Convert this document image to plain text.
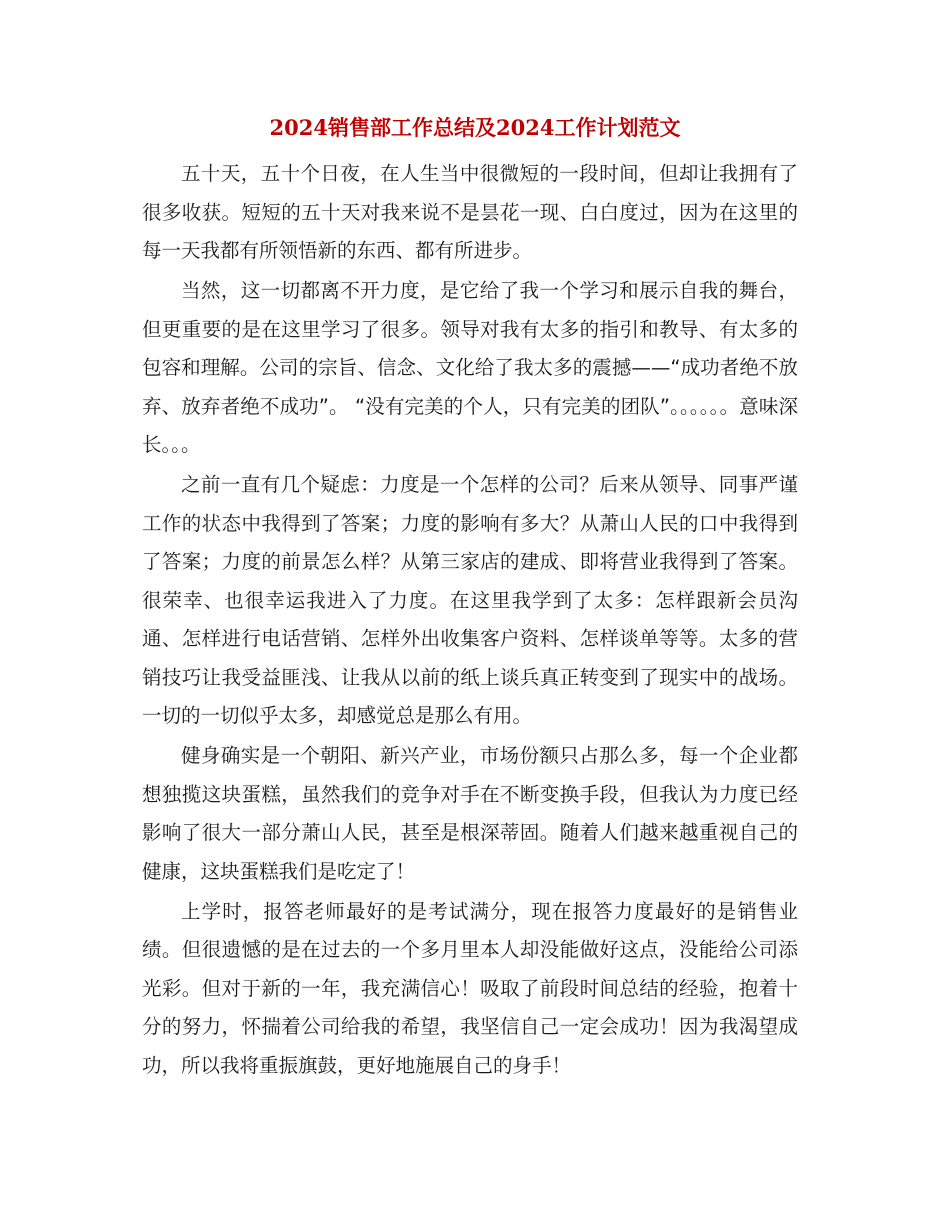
2024销售部工作总结及2024工作计划范文

五十天，五十个日夜，在人生当中很微短的一段时间，但却让我拥有了很多收获。短短的五十天对我来说不是昙花一现、白白度过，因为在这里的每一天我都有所领悟新的东西、都有所进步。

当然，这一切都离不开力度，是它给了我一个学习和展示自我的舞台，但更重要的是在这里学习了很多。领导对我有太多的指引和教导、有太多的包容和理解。公司的宗旨、信念、文化给了我太多的震撼——“成功者绝不放弃、放弃者绝不成功”。 “没有完美的个人，只有完美的团队”。。。。。。意味深长。。。

之前一直有几个疑虑：力度是一个怎样的公司？后来从领导、同事严谨工作的状态中我得到了答案；力度的影响有多大？从萧山人民的口中我得到了答案；力度的前景怎么样？从第三家店的建成、即将营业我得到了答案。很荣幸、也很幸运我进入了力度。在这里我学到了太多：怎样跟新会员沟通、怎样进行电话营销、怎样外出收集客户资料、怎样谈单等等。太多的营销技巧让我受益匪浅、让我从以前的纸上谈兵真正转变到了现实中的战场。一切的一切似乎太多，却感觉总是那么有用。

健身确实是一个朝阳、新兴产业，市场份额只占那么多，每一个企业都想独揽这块蛋糕，虽然我们的竞争对手在不断变换手段，但我认为力度已经影响了很大一部分萧山人民，甚至是根深蒂固。随着人们越来越重视自己的健康，这块蛋糕我们是吃定了！

上学时，报答老师最好的是考试满分，现在报答力度最好的是销售业绩。但很遗憾的是在过去的一个多月里本人却没能做好这点，没能给公司添光彩。但对于新的一年，我充满信心！吸取了前段时间总结的经验，抱着十分的努力，怀揣着公司给我的希望，我坚信自己一定会成功！因为我渴望成功，所以我将重振旗鼓，更好地施展自己的身手！
